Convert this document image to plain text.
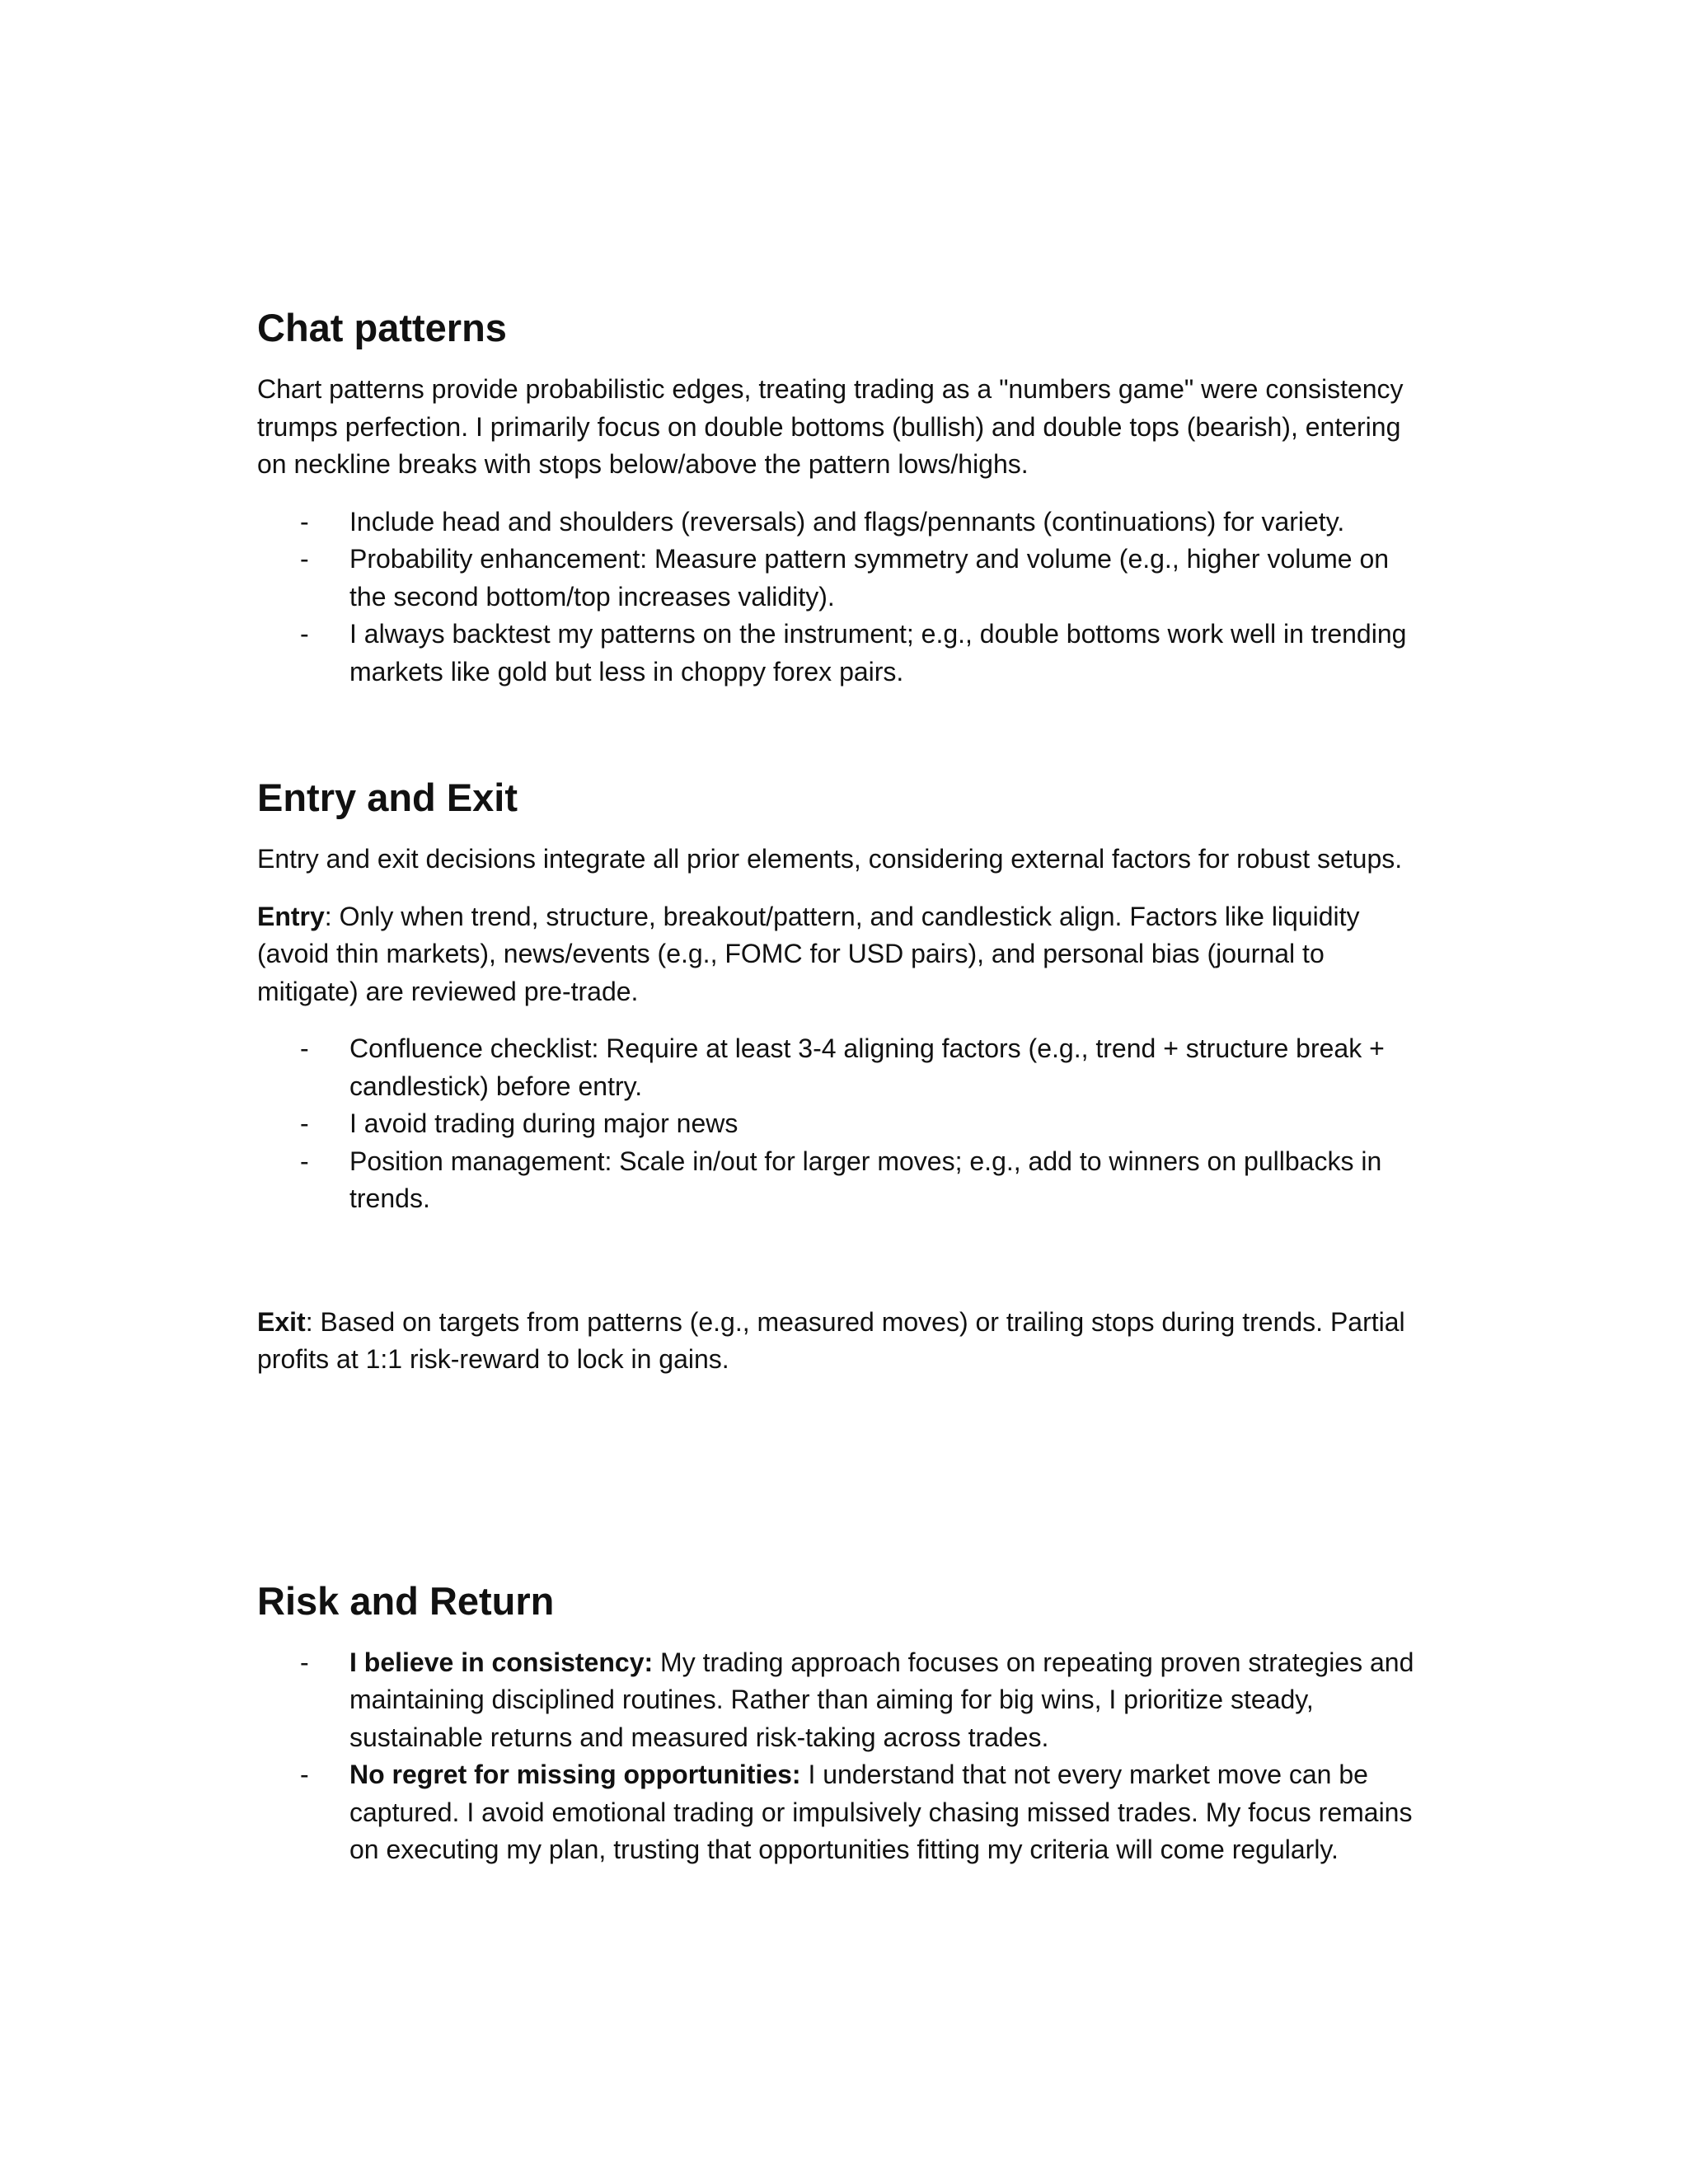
Chat patterns

Chart patterns provide probabilistic edges, treating trading as a "numbers game" were consistency trumps perfection. I primarily focus on double bottoms (bullish) and double tops (bearish), entering on neckline breaks with stops below/above the pattern lows/highs.

- Include head and shoulders (reversals) and flags/pennants (continuations) for variety.
- Probability enhancement: Measure pattern symmetry and volume (e.g., higher volume on the second bottom/top increases validity).
- I always backtest my patterns on the instrument; e.g., double bottoms work well in trending markets like gold but less in choppy forex pairs.
Entry and Exit

Entry and exit decisions integrate all prior elements, considering external factors for robust setups.

Entry: Only when trend, structure, breakout/pattern, and candlestick align. Factors like liquidity (avoid thin markets), news/events (e.g., FOMC for USD pairs), and personal bias (journal to mitigate) are reviewed pre-trade.

- Confluence checklist: Require at least 3-4 aligning factors (e.g., trend + structure break + candlestick) before entry.
- I avoid trading during major news
- Position management: Scale in/out for larger moves; e.g., add to winners on pullbacks in trends.

Exit: Based on targets from patterns (e.g., measured moves) or trailing stops during trends. Partial profits at 1:1 risk-reward to lock in gains.

Risk and Return
- I believe in consistency: My trading approach focuses on repeating proven strategies and maintaining disciplined routines. Rather than aiming for big wins, I prioritize steady, sustainable returns and measured risk-taking across trades.
- No regret for missing opportunities: I understand that not every market move can be captured. I avoid emotional trading or impulsively chasing missed trades. My focus remains on executing my plan, trusting that opportunities fitting my criteria will come regularly.
